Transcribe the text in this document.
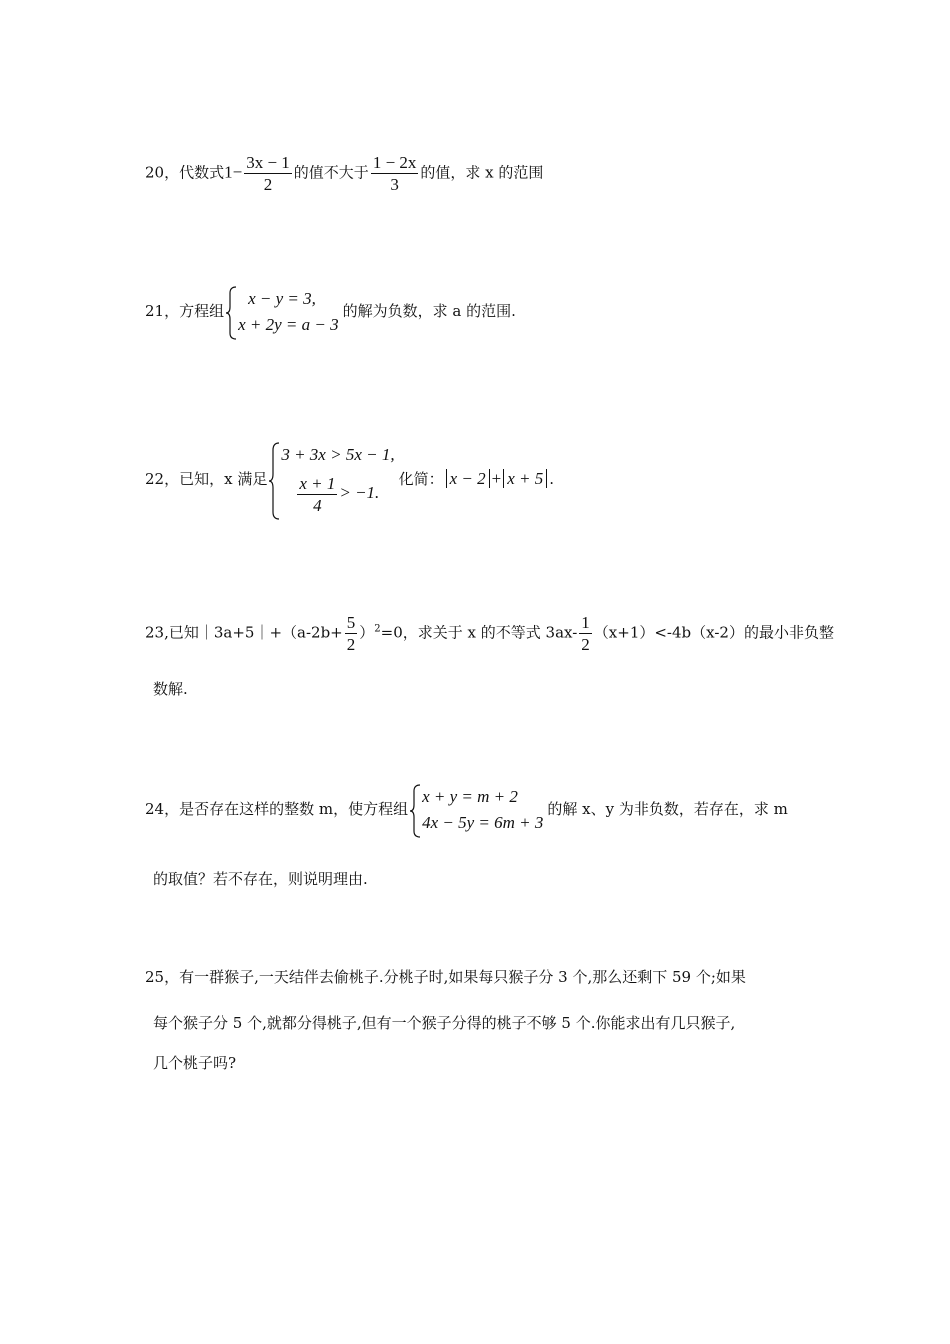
20，代数式$1- \frac{3x - 1}{2}$ 的值不大于 $\frac{1 - 2x}{3}$ 的值，求 x 的范围
21，方程组
x − y = 3,
x + 2y = a − 3
的解为负数，求 a 的范围.
22，已知，x 满足
3 + 3x > 5x − 1,
$\frac{x + 1}{4} > -1$.
化简： x − 2 + x + 5 .
23,已知｜3a+5｜+（a-2b+ $\frac{5}{2} )^2=0$，求关于 x 的不等式 $3ax- \frac{1}{2} (x+1)<-4b(x-2)$的最小非负整
数解.
24，是否存在这样的整数 m，使方程组
x + y = m + 2
4x − 5y = 6m + 3
的解 x、y 为非负数，若存在，求 m
的取值？若不存在，则说明理由.
25，有一群猴子,一天结伴去偷桃子.分桃子时,如果每只猴子分 3 个,那么还剩下 59 个;如果
每个猴子分 5 个,就都分得桃子,但有一个猴子分得的桃子不够 5 个.你能求出有几只猴子,
几个桃子吗?
